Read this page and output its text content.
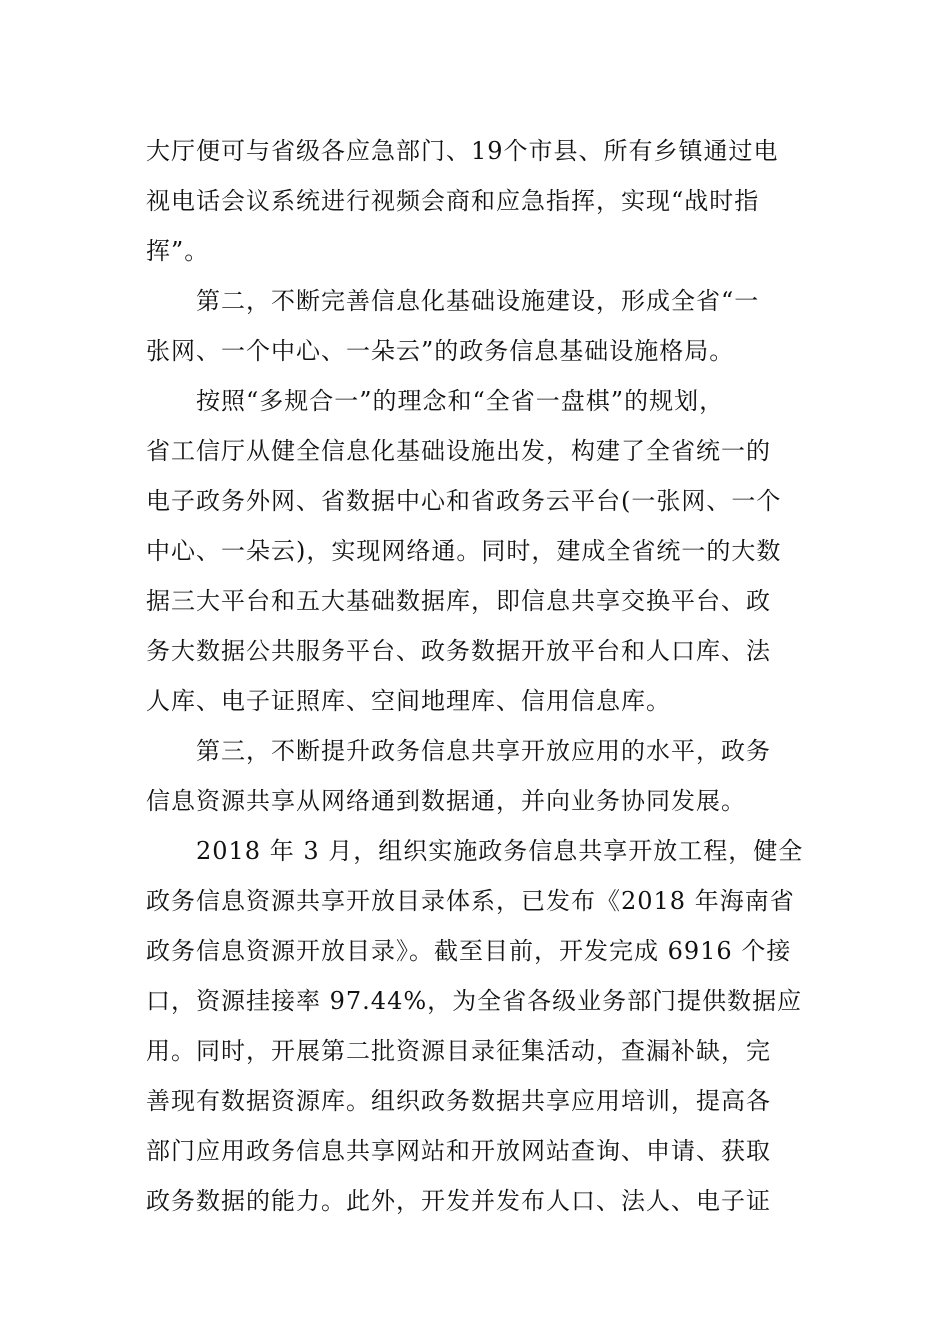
大厅便可与省级各应急部门、19个市县、所有乡镇通过电
视电话会议系统进行视频会商和应急指挥，实现“战时指
挥”。

第二，不断完善信息化基础设施建设，形成全省“一
张网、一个中心、一朵云”的政务信息基础设施格局。

按照“多规合一”的理念和“全省一盘棋”的规划，
省工信厅从健全信息化基础设施出发，构建了全省统一的
电子政务外网、省数据中心和省政务云平台(一张网、一个
中心、一朵云)，实现网络通。同时，建成全省统一的大数
据三大平台和五大基础数据库，即信息共享交换平台、政
务大数据公共服务平台、政务数据开放平台和人口库、法
人库、电子证照库、空间地理库、信用信息库。

第三，不断提升政务信息共享开放应用的水平，政务
信息资源共享从网络通到数据通，并向业务协同发展。

2018 年 3 月，组织实施政务信息共享开放工程，健全
政务信息资源共享开放目录体系，已发布《2018 年海南省
政务信息资源开放目录》。截至目前，开发完成 6916 个接
口，资源挂接率 97.44%，为全省各级业务部门提供数据应
用。同时，开展第二批资源目录征集活动，查漏补缺，完
善现有数据资源库。组织政务数据共享应用培训，提高各
部门应用政务信息共享网站和开放网站查询、申请、获取
政务数据的能力。此外，开发并发布人口、法人、电子证
